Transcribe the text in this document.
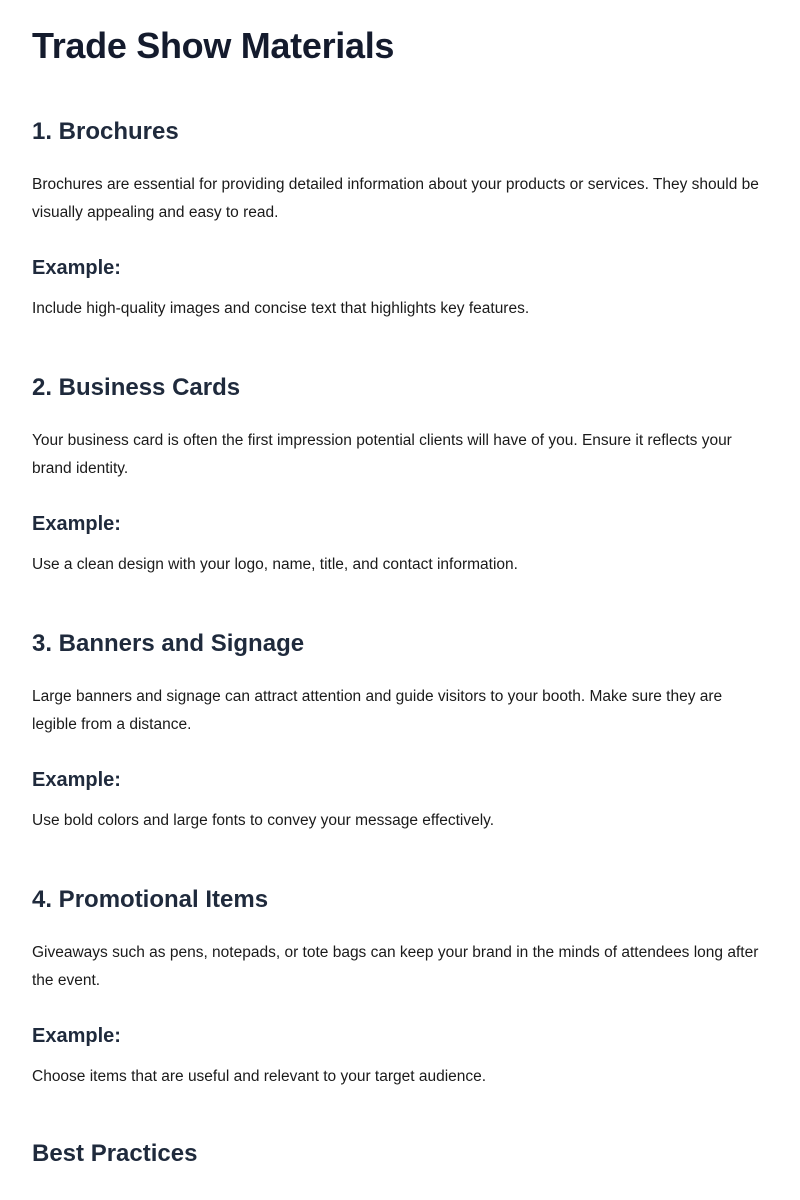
Trade Show Materials
1. Brochures

Brochures are essential for providing detailed information about your products or services. They should be visually appealing and easy to read.

Example:

Include high-quality images and concise text that highlights key features.

2. Business Cards

Your business card is often the first impression potential clients will have of you. Ensure it reflects your brand identity.

Example:

Use a clean design with your logo, name, title, and contact information.

3. Banners and Signage

Large banners and signage can attract attention and guide visitors to your booth. Make sure they are legible from a distance.

Example:

Use bold colors and large fonts to convey your message effectively.

4. Promotional Items

Giveaways such as pens, notepads, or tote bags can keep your brand in the minds of attendees long after the event.

Example:

Choose items that are useful and relevant to your target audience.

Best Practices
